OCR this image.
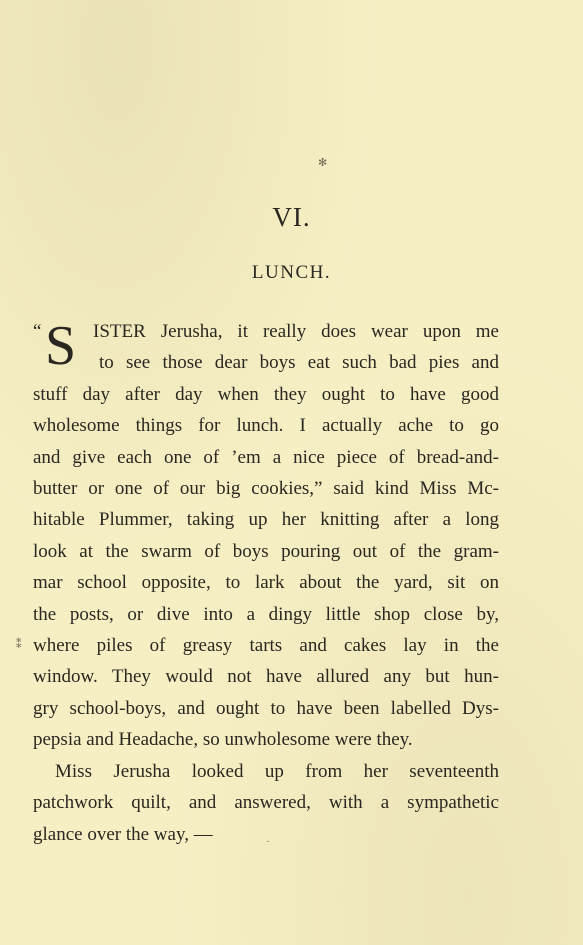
✻
⁑
·
VI.
LUNCH.
“ S ISTER Jerusha, it really does wear upon me
to see those dear boys eat such bad pies and
stuff day after day when they ought to have good
wholesome things for lunch. I actually ache to go
and give each one of ’em a nice piece of bread-and-
butter or one of our big cookies,” said kind Miss Mc-
hitable Plummer, taking up her knitting after a long
look at the swarm of boys pouring out of the gram-
mar school opposite, to lark about the yard, sit on
the posts, or dive into a dingy little shop close by,
where piles of greasy tarts and cakes lay in the
window. They would not have allured any but hun-
gry school-boys, and ought to have been labelled Dys-
pepsia and Headache, so unwholesome were they.
Miss Jerusha looked up from her seventeenth
patchwork quilt, and answered, with a sympathetic
glance over the way, —
